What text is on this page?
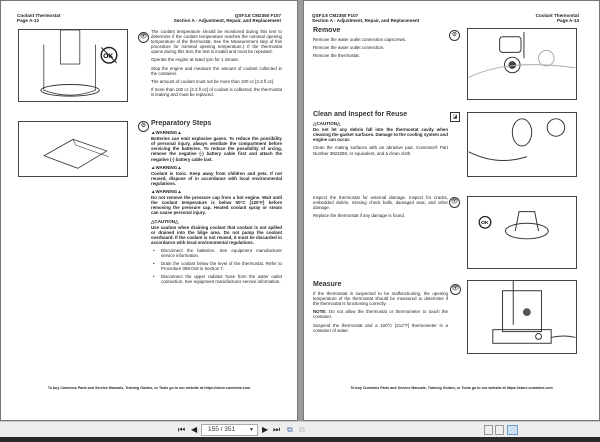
Coolant Thermostat
Page A-12
QSF3.8 CM2350 F107
Section A - Adjustment, Repair, and Replacement
OK
👁

The coolant temperature should be monitored during this test to determine if the coolant temperature reaches the nominal opening temperature of the thermostat. See the Measurement step of this procedure for nominal opening temperature.) If the thermostat opens during this test, the test is invalid and must be repeated.

Operate the engine at rated rpm for 1 minute.

Stop the engine and measure the amount of coolant collected in the container.

The amount of coolant must not be more than 100 cc [3.3 fl oz].

If more than 100 cc [3.3 fl oz] of coolant is collected, the thermostat is leaking and must be replaced.

⚙ Preparatory Steps
▲WARNING▲

Batteries can emit explosive gases. To reduce the possibility of personal injury, always ventilate the compartment before servicing the batteries. To reduce the possibility of arcing, remove the negative (-) battery cable first and attach the negative (-) battery cable last.

▲WARNING▲

Coolant is toxic. Keep away from children and pets. If not reused, dispose of in accordance with local environmental regulations.

▲WARNING▲

Do not remove the pressure cap from a hot engine. Wait until the coolant temperature is below 50°C [120°F] before removing the pressure cap. Heated coolant spray or steam can cause personal injury.

△CAUTION△

Use caution when draining coolant that coolant is not spilled or drained into the bilge area. Do not pump the coolant overboard. If the coolant is not reused, it must be discarded in accordance with local environmental regulations.

• Disconnect the batteries. See equipment manufacturer service information.
• Drain the coolant below the level of the thermostat. Refer to Procedure 008-018 in Section 7.
• Disconnect the upper radiator hose from the water outlet connection. See equipment manufacturer service information.
To buy Cummins Parts and Service Manuals, Training Guides, or Tools go to our website at https://store.cummins.com
QSF3.8 CM2350 F107
Section A - Adjustment, Repair, and Replacement
Coolant Thermostat
Page A-13
Remove

Remove the water outlet connection capscrews.

Remove the water outlet connection.

Remove the thermostat.

⚙
Clean and Inspect for Reuse
△CAUTION△

Do not let any debris fall into the thermostat cavity when cleaning the gasket surfaces. Damage to the cooling system and engine can occur.

Clean the mating surfaces with an abrasive pad, Cummins® Part Number 3823258, or equivalent, and a clean cloth.

◪

Inspect the thermostat for external damage. Inspect for cracks, embedded debris, missing check balls, damaged seat, and other damage.

Replace the thermostat if any damage is found.

👁
OK
Measure

If the thermostat is suspected to be malfunctioning, the opening temperature of the thermostat should be measured to determine if the thermostat is functioning correctly.

NOTE: Do not allow the thermostat or thermometer to touch the container.

Suspend the thermostat and a 100°C [212°F] thermometer in a container of water.

👁
To buy Cummins Parts and Service Manuals, Training Guides, or Tools go to our website at https://store.cummins.com
⏮ ◀	155 / 351	▼ ▶ ⏭ ⧉ ⧉
